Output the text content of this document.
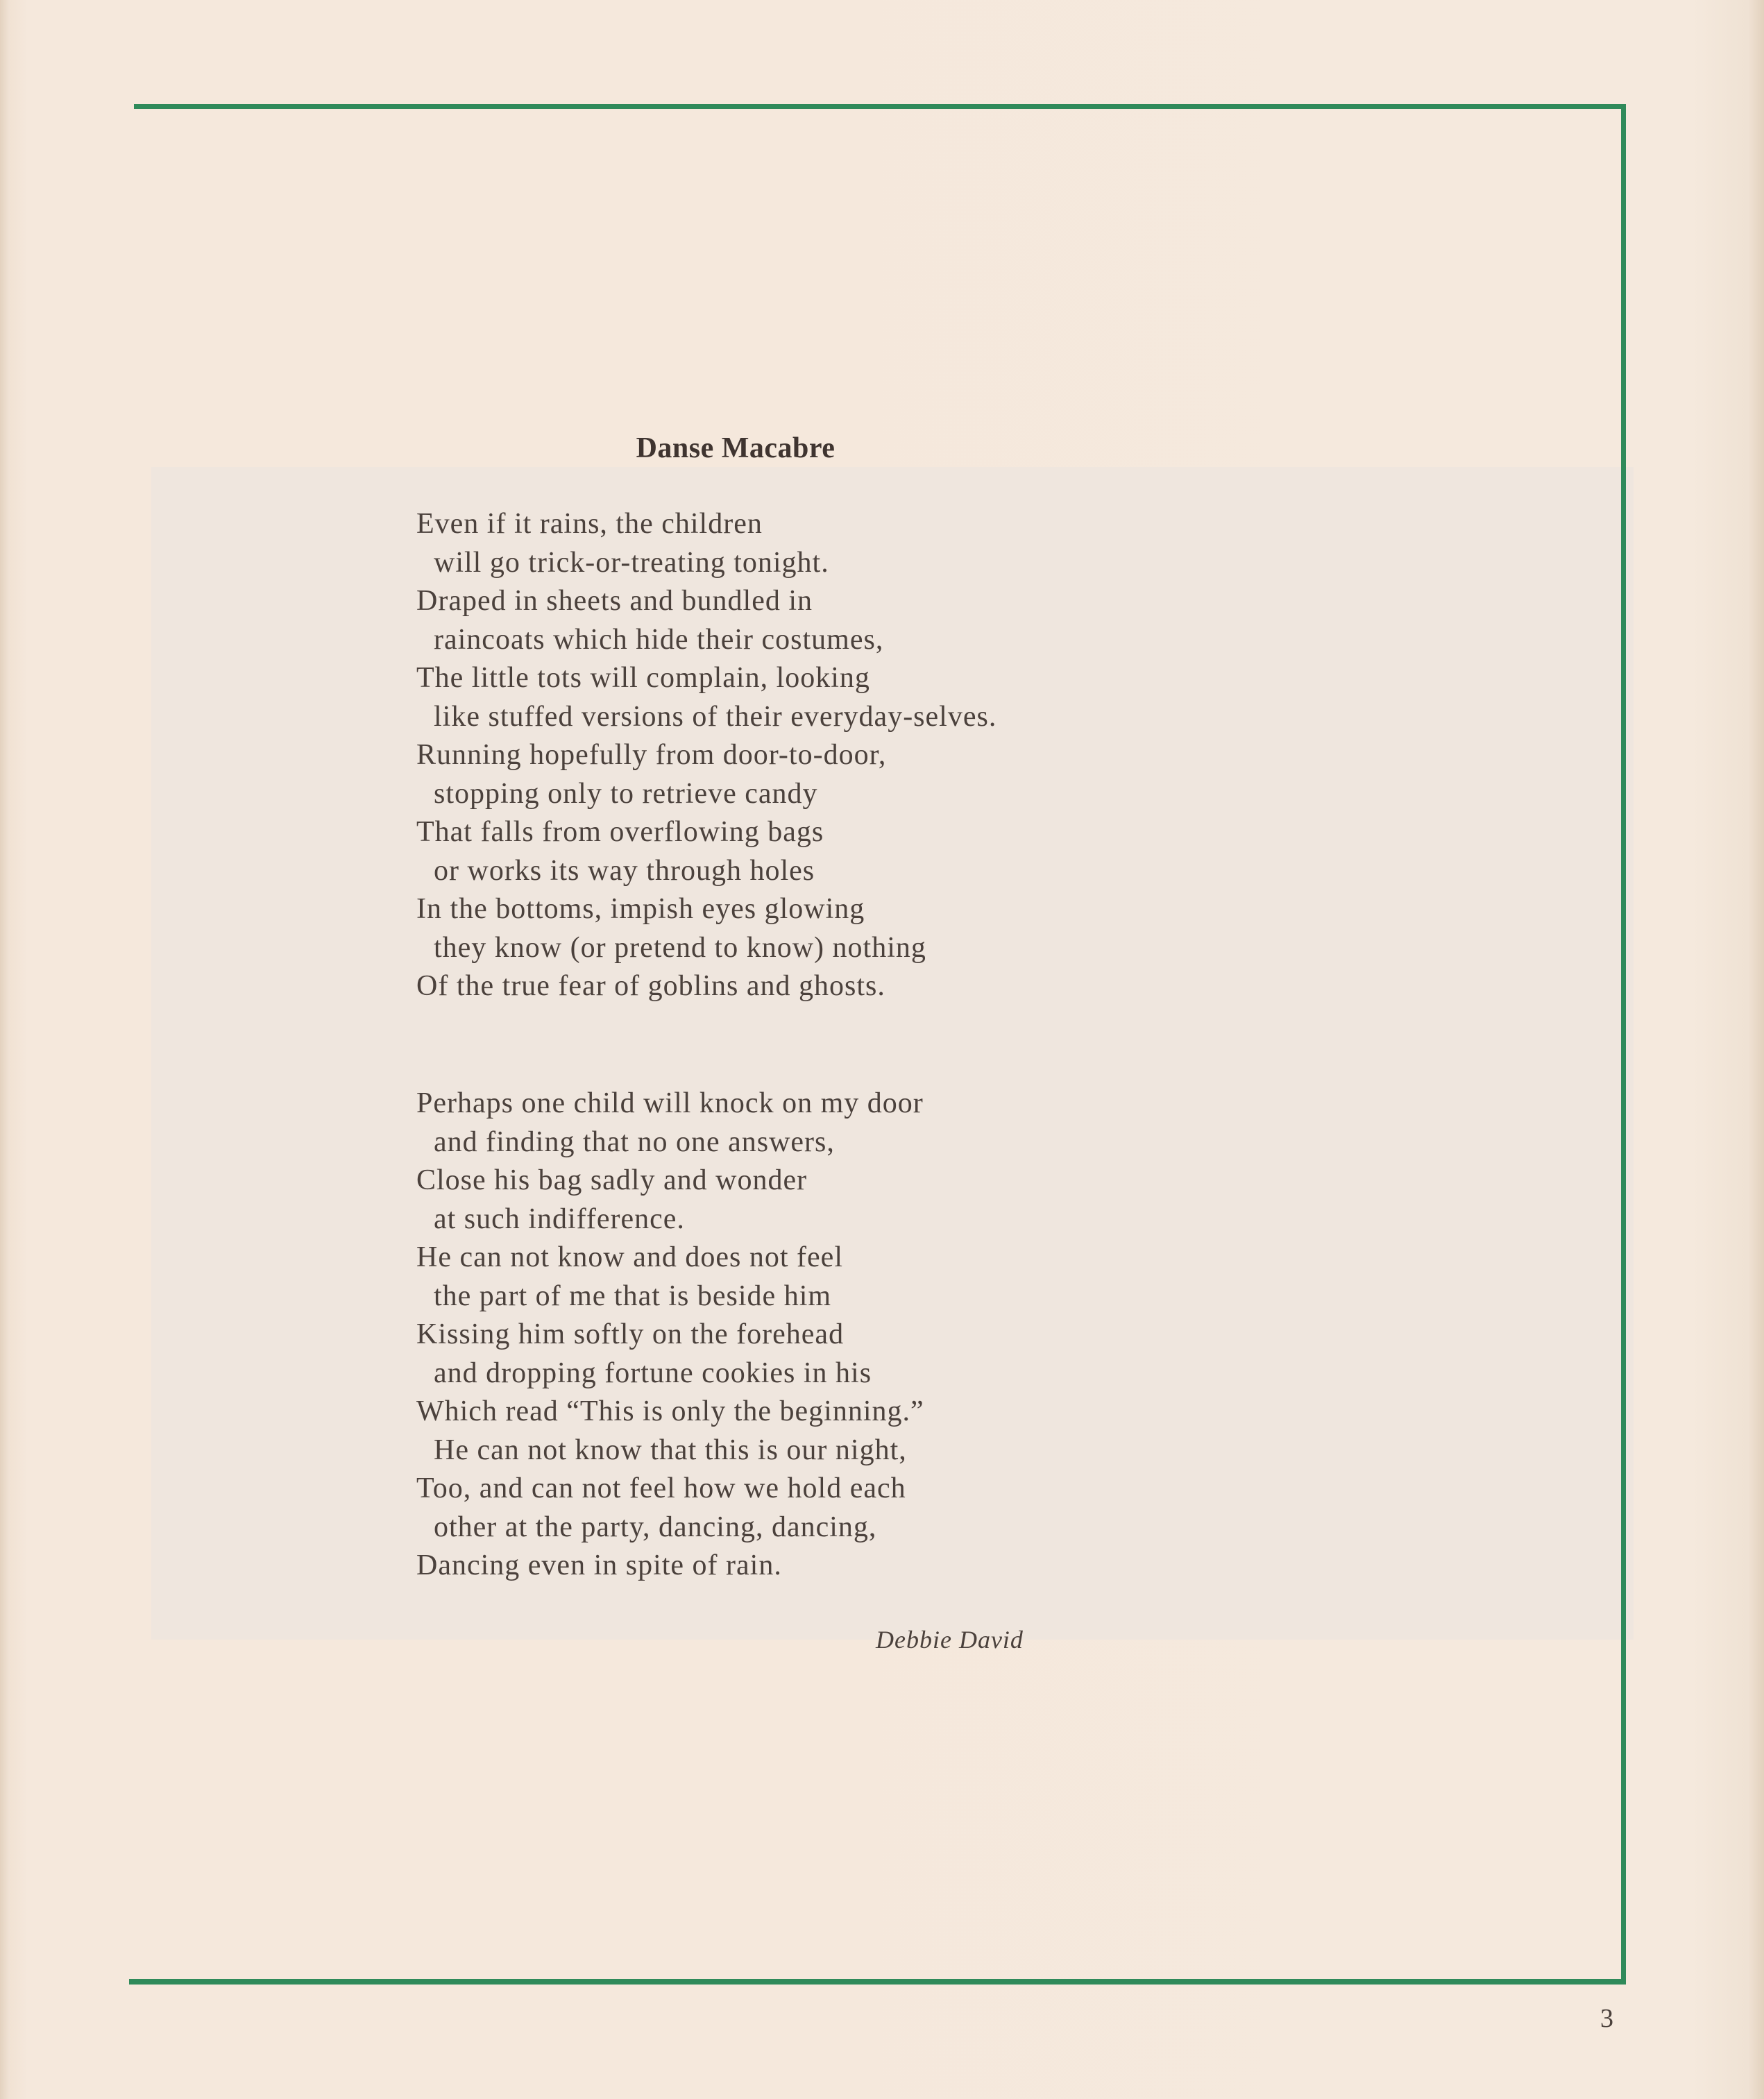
Danse Macabre
Even if it rains, the children
will go trick-or-treating tonight.
Draped in sheets and bundled in
raincoats which hide their costumes,
The little tots will complain, looking
like stuffed versions of their everyday-selves.
Running hopefully from door-to-door,
stopping only to retrieve candy
That falls from overflowing bags
or works its way through holes
In the bottoms, impish eyes glowing
they know (or pretend to know) nothing
Of the true fear of goblins and ghosts.
Perhaps one child will knock on my door
and finding that no one answers,
Close his bag sadly and wonder
at such indifference.
He can not know and does not feel
the part of me that is beside him
Kissing him softly on the forehead
and dropping fortune cookies in his
Which read “This is only the beginning.”
He can not know that this is our night,
Too, and can not feel how we hold each
other at the party, dancing, dancing,
Dancing even in spite of rain.
Debbie David
3
